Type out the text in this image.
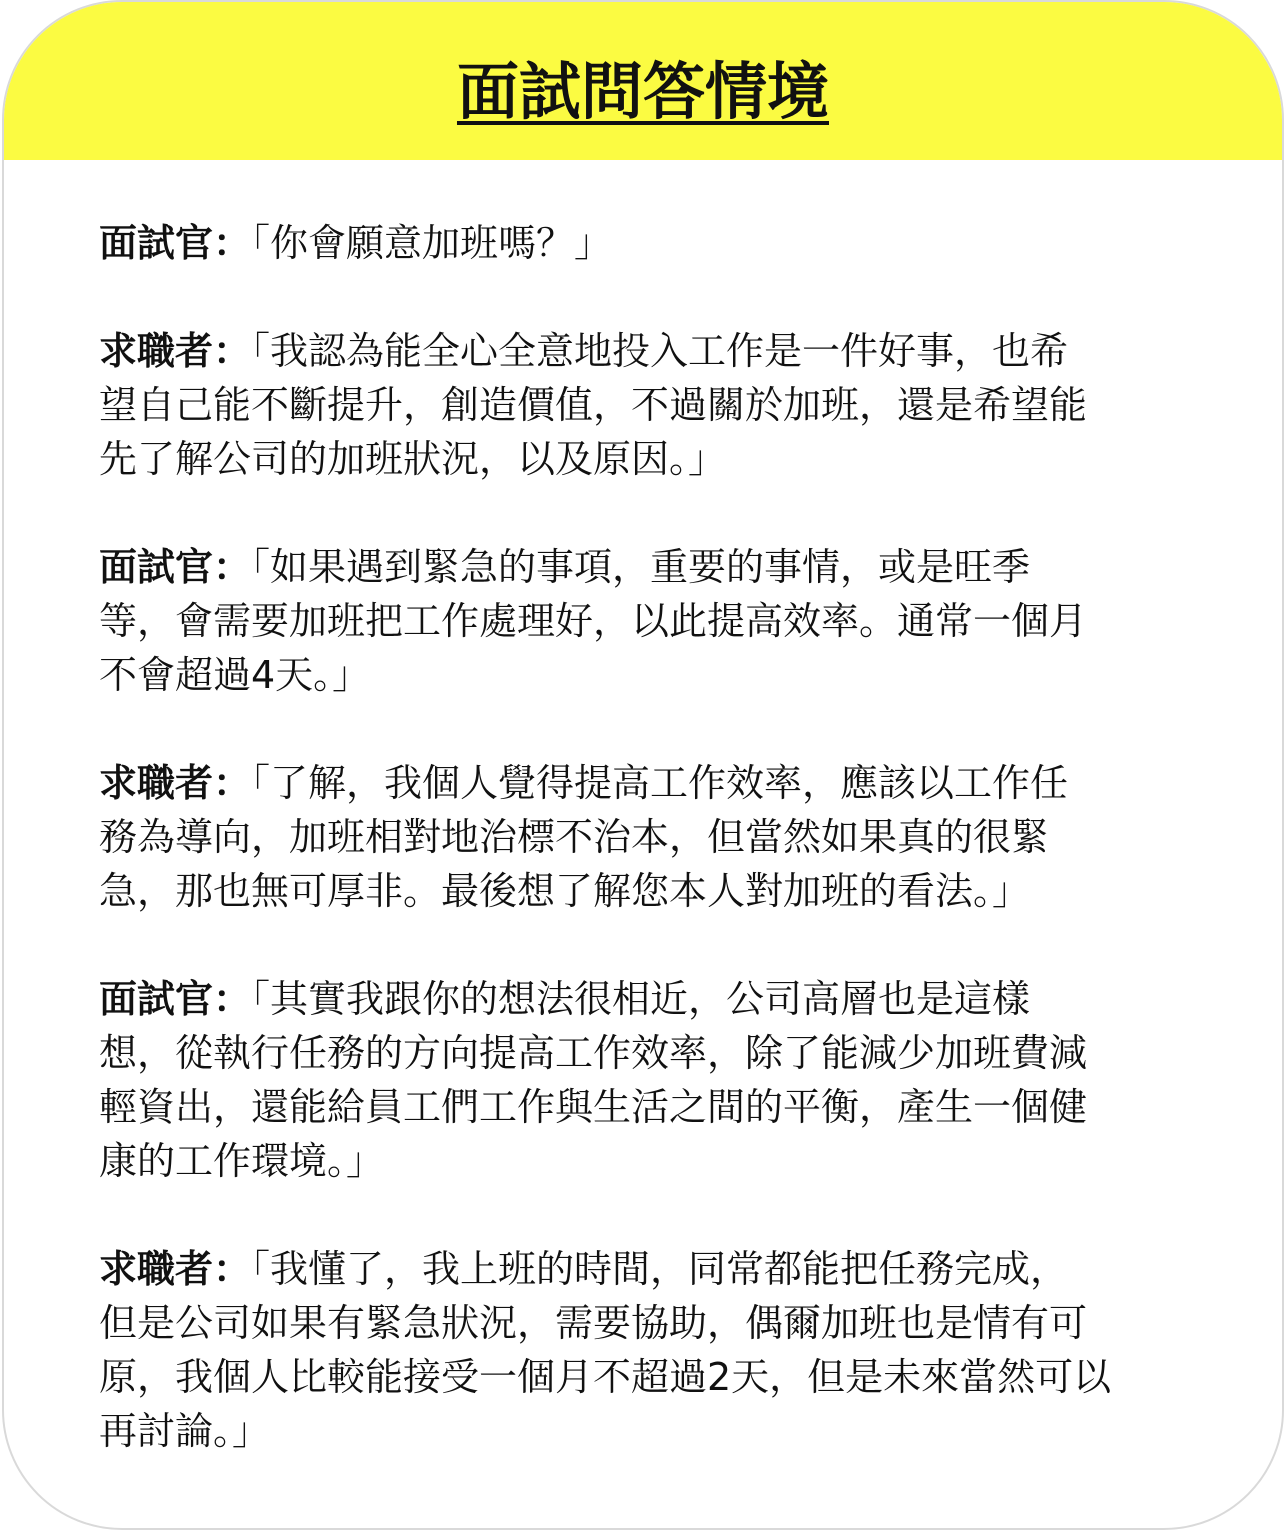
面試問答情境
面試官：「你會願意加班嗎？」
求職者：「我認為能全心全意地投入工作是一件好事，也希
望自己能不斷提升，創造價值，不過關於加班，還是希望能
先了解公司的加班狀況，以及原因。」
面試官：「如果遇到緊急的事項，重要的事情，或是旺季
等，會需要加班把工作處理好，以此提高效率。通常一個月
不會超過4天。」
求職者：「了解，我個人覺得提高工作效率，應該以工作任
務為導向，加班相對地治標不治本，但當然如果真的很緊
急，那也無可厚非。最後想了解您本人對加班的看法。」
面試官：「其實我跟你的想法很相近，公司高層也是這樣
想，從執行任務的方向提高工作效率，除了能減少加班費減
輕資出，還能給員工們工作與生活之間的平衡，產生一個健
康的工作環境。」
求職者：「我懂了，我上班的時間，同常都能把任務完成，
但是公司如果有緊急狀況，需要協助，偶爾加班也是情有可
原，我個人比較能接受一個月不超過2天，但是未來當然可以
再討論。」
